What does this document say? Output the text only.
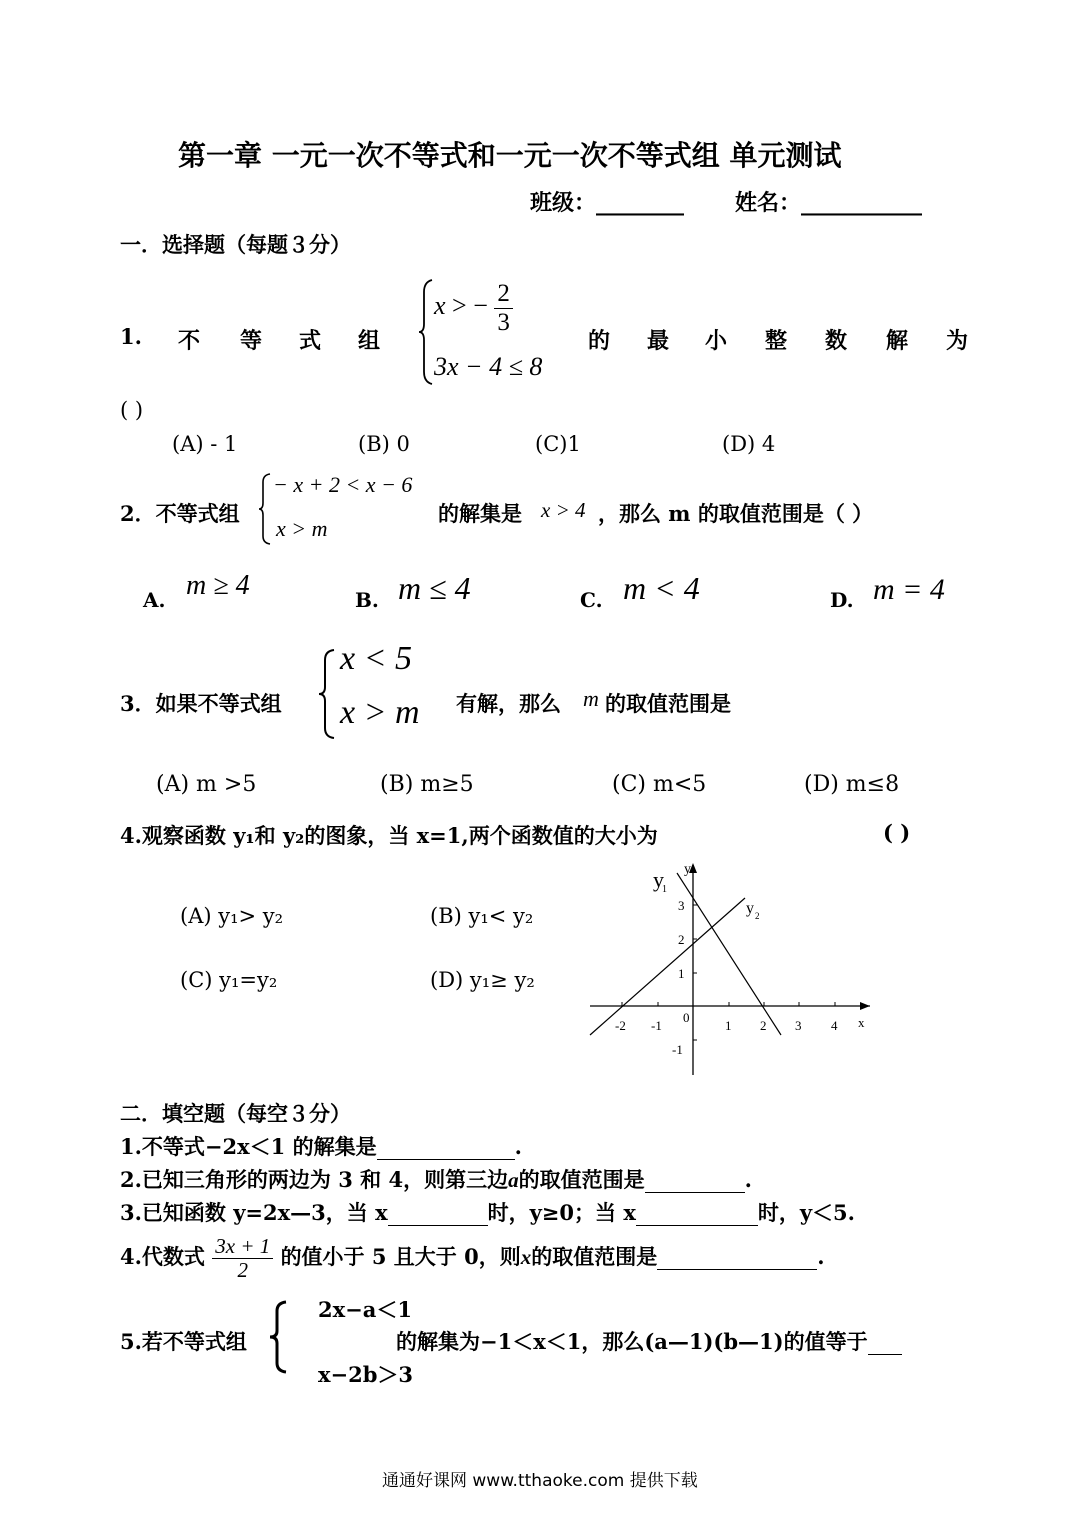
第一章 一元一次不等式和一元一次不等式组 单元测试
班级：________ 姓名：___________
一．选择题（每题３分）
1. 不 等 式 组
x > − $\frac{2}{3}$
3x − 4 ≤ 8
的 最 小 整 数 解 为
( )
(A) - 1	(B) 0	(C)1	(D) 4
2．不等式组
− x + 2 < x − 6
x > m
的解集是 x > 4 ，那么 m 的取值范围是（ ）
A. m ≥ 4	B. m ≤ 4	C. m < 4	D. m = 4
3．如果不等式组
x < 5
x > m 有解，那么 m 的取值范围是
(A) m >5	(B) m≥5	(C) m<5	(D) m≤8
4.观察函数 y₁和 y₂的图象，当 x=1,两个函数值的大小为	( )
(A) y₁> y₂	(B) y₁< y₂
(C) y₁=y₂	(D) y₁≥ y₂
y
1
y
y 2
x
0
-2 -1	1 2 3 4
3
2
1
-1
二．填空题（每空３分）
1.不等式−2x＜1 的解集是	.
2.已知三角形的两边为 3 和 4，则第三边a的取值范围是	.
3.已知函数 y=2x—3，当 x	时，y≥0；当 x	时，y＜5.
4.代数式 $\frac{3x + 1}{2}$ 的值小于 5 且大于 0，则x的取值范围是	.
5.若不等式组
2x−a＜1
x−2b＞3
的解集为−1＜x＜1，那么(a—1)(b—1)的值等于
通通好课网 www.tthaoke.com 提供下载
